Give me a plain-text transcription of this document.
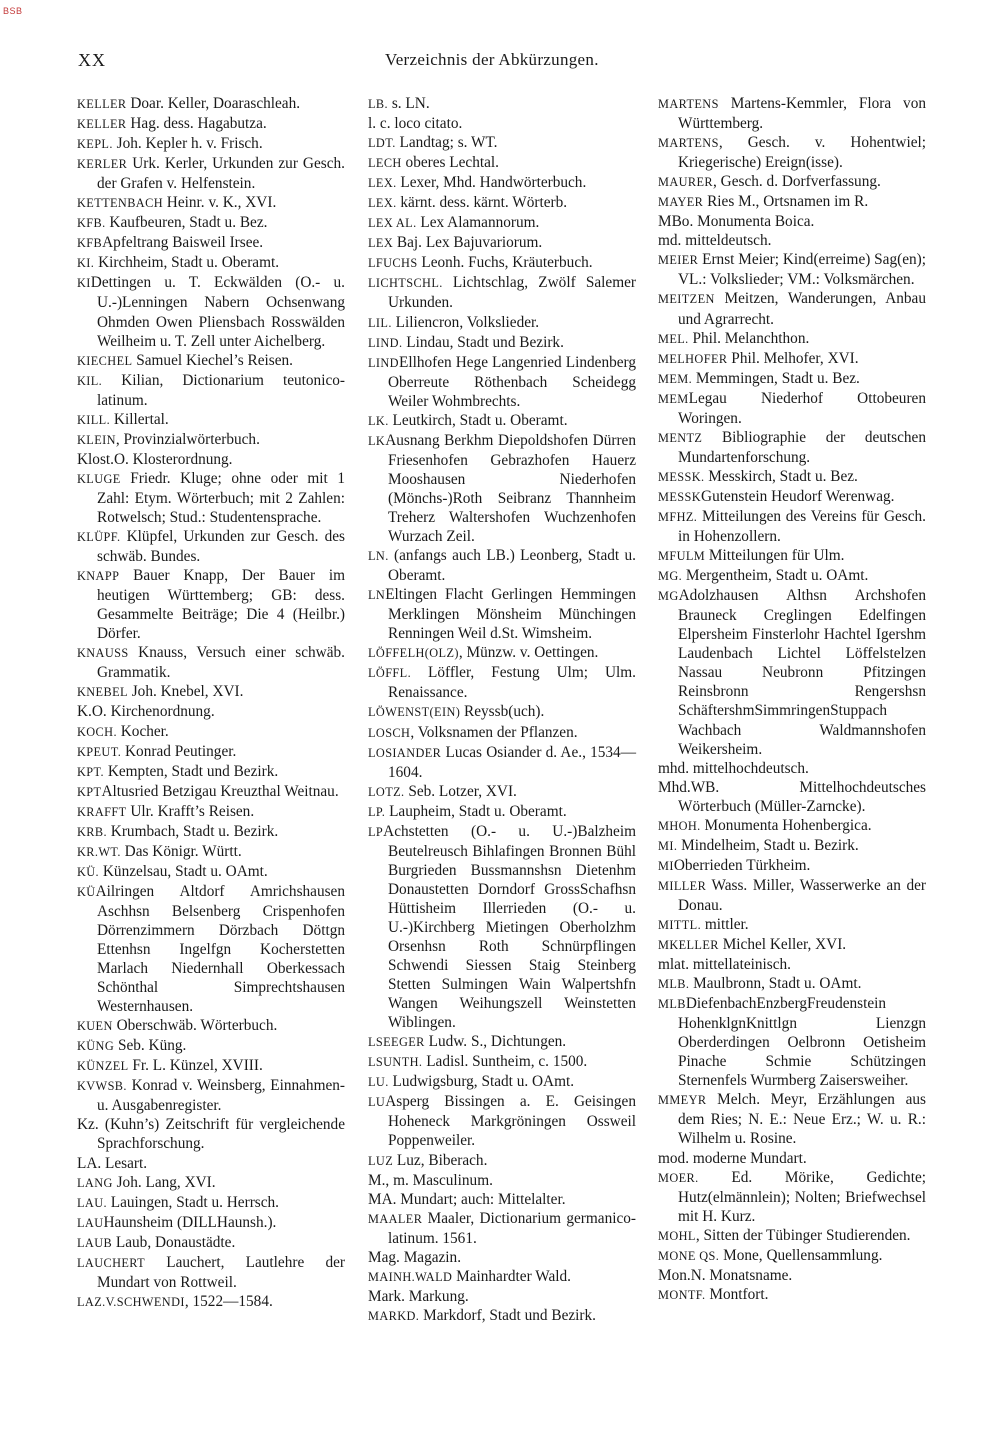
BSB
XX	Verzeichnis der Abkürzungen.

KELLER Doar. Keller, Doaraschleah.

KELLER Hag. dess. Hagabutza.

KEPL. Joh. Kepler h. v. Frisch.

KERLER Urk. Kerler, Urkunden zur Gesch. der Grafen v. Helfenstein.

KETTENBACH Heinr. v. K., XVI.

KFB. Kaufbeuren, Stadt u. Bez.

KFBApfeltrang Baisweil Irsee.

KI. Kirchheim, Stadt u. Oberamt.

KIDettingen u. T. Eckwälden (O.- u. U.-)Lenningen Nabern Ochsenwang Ohmden Owen Pliensbach Rosswälden Weilheim u. T. Zell unter Aichelberg.

KIECHEL Samuel Kiechel’s Reisen.

KIL. Kilian, Dictionarium teutonico-latinum.

KILL. Killertal.

KLEIN, Provinzialwörterbuch.

Klost.O. Klosterordnung.

KLUGE Friedr. Kluge; ohne oder mit 1 Zahl: Etym. Wörterbuch; mit 2 Zahlen: Rotwelsch; Stud.: Studentensprache.

KLÜPF. Klüpfel, Urkunden zur Gesch. des schwäb. Bundes.

KNAPP Bauer Knapp, Der Bauer im heutigen Württemberg; GB: dess. Gesammelte Beiträge; Die 4 (Heilbr.) Dörfer.

KNAUSS Knauss, Versuch einer schwäb. Grammatik.

KNEBEL Joh. Knebel, XVI.

K.O. Kirchenordnung.

KOCH. Kocher.

KPEUT. Konrad Peutinger.

KPT. Kempten, Stadt und Bezirk.

KPTAltusried Betzigau Kreuzthal Weitnau.

KRAFFT Ulr. Krafft’s Reisen.

KRB. Krumbach, Stadt u. Bezirk.

KR.WT. Das Königr. Württ.

KÜ. Künzelsau, Stadt u. OAmt.

KÜAilringen Altdorf Amrichshausen Aschhsn Belsenberg Crispenhofen Dörrenzimmern Dörzbach Döttgn Ettenhsn Ingelfgn Kocherstetten Marlach Niedernhall Oberkessach Schönthal Simprechtshausen Westernhausen.

KUEN Oberschwäb. Wörterbuch.

KÜNG Seb. Küng.

KÜNZEL Fr. L. Künzel, XVIII.

KVWSB. Konrad v. Weinsberg, Einnahmen- u. Ausgabenregister.

Kz. (Kuhn’s) Zeitschrift für vergleichende Sprachforschung.

LA. Lesart.

LANG Joh. Lang, XVI.

LAU. Lauingen, Stadt u. Herrsch.

LAUHaunsheim (DILLHaunsh.).

LAUB Laub, Donaustädte.

LAUCHERT Lauchert, Lautlehre der Mundart von Rottweil.

LAZ.V.SCHWENDI, 1522—1584.

LB. s. LN.

l. c. loco citato.

LDT. Landtag; s. WT.

LECH oberes Lechtal.

LEX. Lexer, Mhd. Handwörterbuch.

LEX. kärnt. dess. kärnt. Wörterb.

LEX AL. Lex Alamannorum.

LEX Baj. Lex Bajuvariorum.

LFUCHS Leonh. Fuchs, Kräuterbuch.

LICHTSCHL. Lichtschlag, Zwölf Salemer Urkunden.

LIL. Liliencron, Volkslieder.

LIND. Lindau, Stadt und Bezirk.

LINDEllhofen Hege Langenried Lindenberg Oberreute Röthenbach Scheidegg Weiler Wohmbrechts.

LK. Leutkirch, Stadt u. Oberamt.

LKAusnang Berkhm Diepoldshofen Dürren Friesenhofen Gebrazhofen Hauerz Mooshausen Niederhofen (Mönchs-)Roth Seibranz Thannheim Treherz Waltershofen Wuchzenhofen Wurzach Zeil.

LN. (anfangs auch LB.) Leonberg, Stadt u. Oberamt.

LNEltingen Flacht Gerlingen Hemmingen Merklingen Mönsheim Münchingen Renningen Weil d.St. Wimsheim.

LÖFFELH(OLZ), Münzw. v. Oettingen.

LÖFFL. Löffler, Festung Ulm; Ulm. Renaissance.

LÖWENST(EIN) Reyssb(uch).

LOSCH, Volksnamen der Pflanzen.

LOSIANDER Lucas Osiander d. Ae., 1534—1604.

LOTZ. Seb. Lotzer, XVI.

LP. Laupheim, Stadt u. Oberamt.

LPAchstetten (O.- u. U.-)Balzheim Beutelreusch Bihlafingen Bronnen Bühl Burgrieden Bussmannshsn Dietenhm Donaustetten Dorndorf GrossSchafhsn Hüttisheim Illerrieden (O.- u. U.-)Kirchberg Mietingen Oberholzhm Orsenhsn Roth Schnürpflingen Schwendi Siessen Staig Steinberg Stetten Sulmingen Wain Walpertshfn Wangen Weihungszell Weinstetten Wiblingen.

LSEEGER Ludw. S., Dichtungen.

LSUNTH. Ladisl. Suntheim, c. 1500.

LU. Ludwigsburg, Stadt u. OAmt.

LUAsperg Bissingen a. E. Geisingen Hoheneck Markgröningen Ossweil Poppenweiler.

LUZ Luz, Biberach.

M., m. Masculinum.

MA. Mundart; auch: Mittelalter.

MAALER Maaler, Dictionarium germanico-latinum. 1561.

Mag. Magazin.

MAINH.WALD Mainhardter Wald.

Mark. Markung.

MARKD. Markdorf, Stadt und Bezirk.

MARTENS Martens-Kemmler, Flora von Württemberg.

MARTENS, Gesch. v. Hohentwiel; Kriegerische) Ereign(isse).

MAURER, Gesch. d. Dorfverfassung.

MAYER Ries M., Ortsnamen im R.

MBo. Monumenta Boica.

md. mitteldeutsch.

MEIER Ernst Meier; Kind(erreime) Sag(en); VL.: Volkslieder; VM.: Volksmärchen.

MEITZEN Meitzen, Wanderungen, Anbau und Agrarrecht.

MEL. Phil. Melanchthon.

MELHOFER Phil. Melhofer, XVI.

MEM. Memmingen, Stadt u. Bez.

MEMLegau Niederhof Ottobeuren Woringen.

MENTZ Bibliographie der deutschen Mundartenforschung.

MESSK. Messkirch, Stadt u. Bez.

MESSKGutenstein Heudorf Werenwag.

MFHZ. Mitteilungen des Vereins für Gesch. in Hohenzollern.

MFULM Mitteilungen für Ulm.

MG. Mergentheim, Stadt u. OAmt.

MGAdolzhausen Althsn Archshofen Brauneck Creglingen Edelfingen Elpersheim Finsterlohr Hachtel Igershm Laudenbach Lichtel Löffelstelzen Nassau Neubronn Pfitzingen Reinsbronn Rengershsn SchäftershmSimmringenStuppach Wachbach Waldmannshofen Weikersheim.

mhd. mittelhochdeutsch.

Mhd.WB. Mittelhochdeutsches Wörterbuch (Müller-Zarncke).

MHOH. Monumenta Hohenbergica.

MI. Mindelheim, Stadt u. Bezirk.

MIOberrieden Türkheim.

MILLER Wass. Miller, Wasserwerke an der Donau.

MITTL. mittler.

MKELLER Michel Keller, XVI.

mlat. mittellateinisch.

MLB. Maulbronn, Stadt u. OAmt.

MLBDiefenbachEnzbergFreudenstein HohenklgnKnittlgn Lienzgn Oberderdingen Oelbronn Oetisheim Pinache Schmie Schützingen Sternenfels Wurmberg Zaisersweiher.

MMEYR Melch. Meyr, Erzählungen aus dem Ries; N. E.: Neue Erz.; W. u. R.: Wilhelm u. Rosine.

mod. moderne Mundart.

MOER. Ed. Mörike, Gedichte; Hutz(elmännlein); Nolten; Briefwechsel mit H. Kurz.

MOHL, Sitten der Tübinger Studierenden.

MONE QS. Mone, Quellensammlung.

Mon.N. Monatsname.

MONTF. Montfort.
